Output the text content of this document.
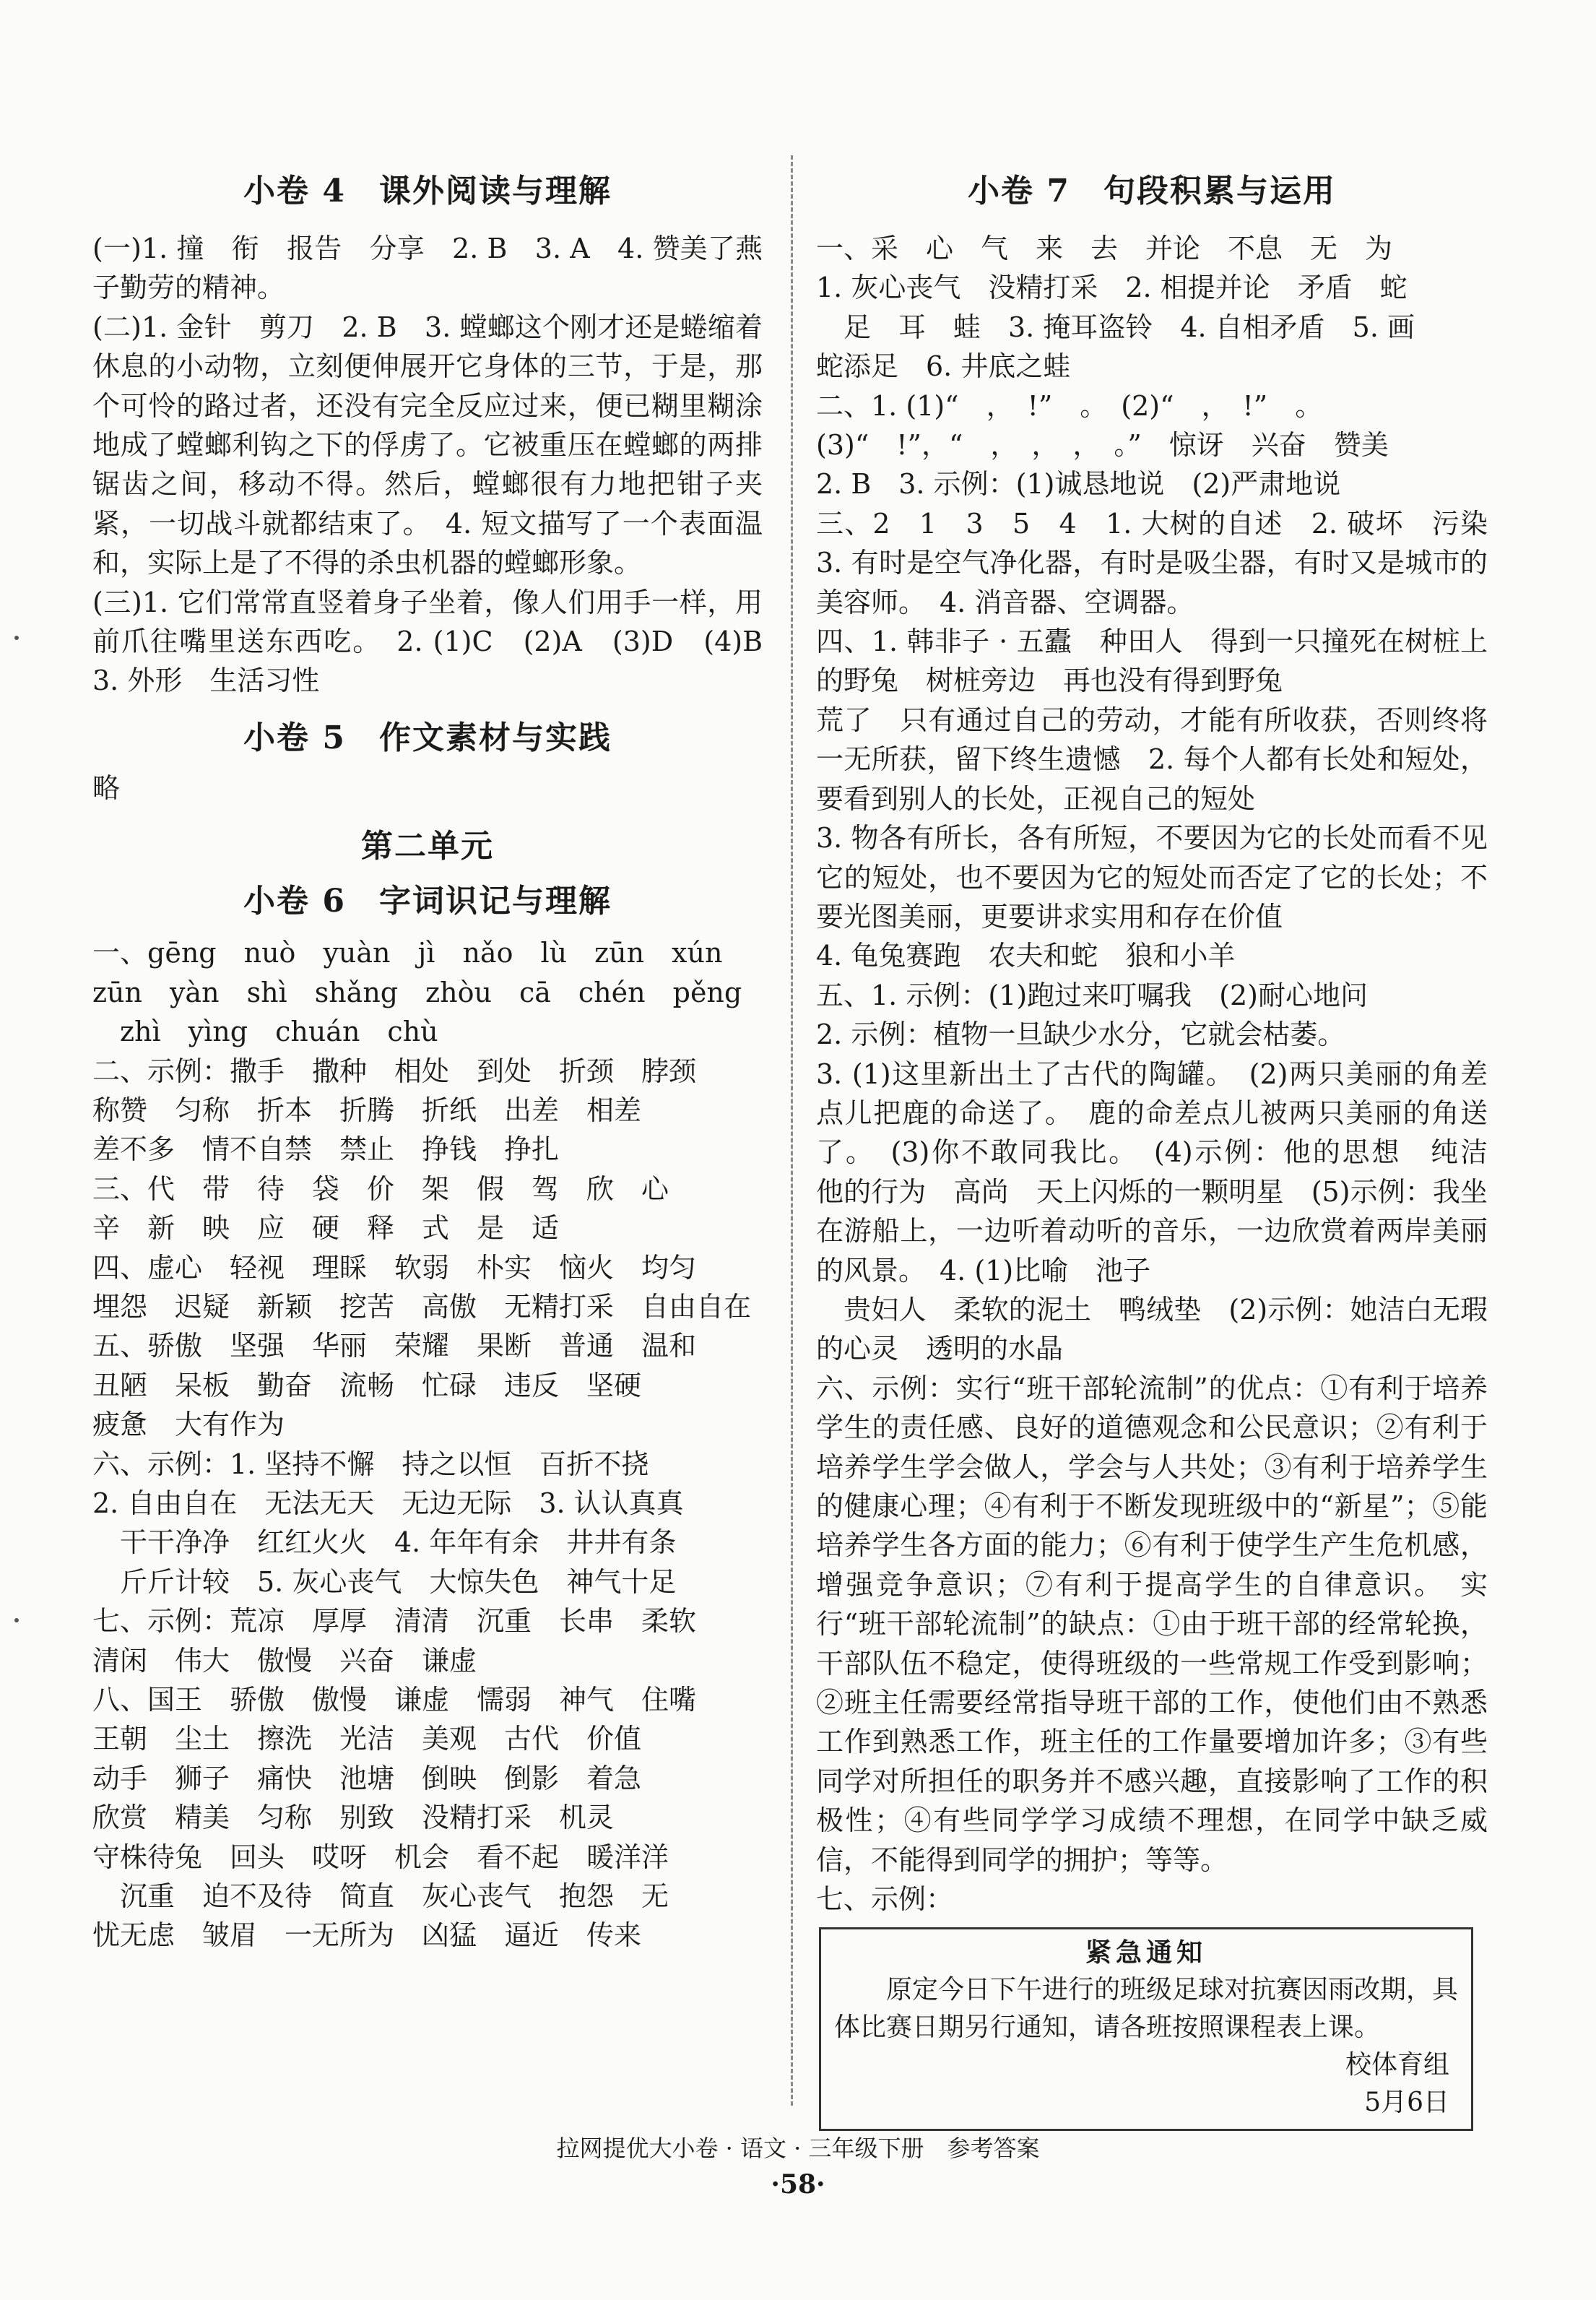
小卷 4　课外阅读与理解
(一)1. 撞　衔　报告　分享　2. B　3. A　4. 赞美了燕子勤劳的精神。
(二)1. 金针　剪刀　2. B　3. 螳螂这个刚才还是蜷缩着休息的小动物，立刻便伸展开它身体的三节，于是，那个可怜的路过者，还没有完全反应过来，便已糊里糊涂地成了螳螂利钩之下的俘虏了。它被重压在螳螂的两排锯齿之间，移动不得。然后，螳螂很有力地把钳子夹紧，一切战斗就都结束了。　4. 短文描写了一个表面温和，实际上是了不得的杀虫机器的螳螂形象。
(三)1. 它们常常直竖着身子坐着，像人们用手一样，用前爪往嘴里送东西吃。　2. (1)C　(2)A　(3)D　(4)B　3. 外形　生活习性
小卷 5　作文素材与实践
略
第二单元
小卷 6　字词识记与理解
一、gēng　nuò　yuàn　jì　nǎo　lù　zūn　xún
zūn　yàn　shì　shǎng　zhòu　cā　chén　pěng
　zhì　yìng　chuán　chù
二、示例：撒手　撒种　相处　到处　折颈　脖颈
称赞　匀称　折本　折腾　折纸　出差　相差
差不多　情不自禁　禁止　挣钱　挣扎
三、代　带　待　袋　价　架　假　驾　欣　心
辛　新　映　应　硬　释　式　是　适
四、虚心　轻视　理睬　软弱　朴实　恼火　均匀
埋怨　迟疑　新颖　挖苦　高傲　无精打采　自由自在
五、骄傲　坚强　华丽　荣耀　果断　普通　温和
丑陋　呆板　勤奋　流畅　忙碌　违反　坚硬
疲惫　大有作为
六、示例：1. 坚持不懈　持之以恒　百折不挠
2. 自由自在　无法无天　无边无际　3. 认认真真
　干干净净　红红火火　4. 年年有余　井井有条
　斤斤计较　5. 灰心丧气　大惊失色　神气十足
七、示例：荒凉　厚厚　清清　沉重　长串　柔软
清闲　伟大　傲慢　兴奋　谦虚
八、国王　骄傲　傲慢　谦虚　懦弱　神气　住嘴
王朝　尘土　擦洗　光洁　美观　古代　价值
动手　狮子　痛快　池塘　倒映　倒影　着急
欣赏　精美　匀称　别致　没精打采　机灵
守株待兔　回头　哎呀　机会　看不起　暖洋洋
　沉重　迫不及待　简直　灰心丧气　抱怨　无
忧无虑　皱眉　一无所为　凶猛　逼近　传来
小卷 7　句段积累与运用
一、采　心　气　来　去　并论　不息　无　为
1. 灰心丧气　没精打采　2. 相提并论　矛盾　蛇
　足　耳　蛙　3. 掩耳盗铃　4. 自相矛盾　5. 画
蛇添足　6. 井底之蛙
二、1. (1)“　，　!”　。　(2)“　，　!”　。
(3)“　!”，“　，　，　，　。”　惊讶　兴奋　赞美
2. B　3. 示例：(1)诚恳地说　(2)严肃地说
三、2　1　3　5　4　1. 大树的自述　2. 破坏　污染　3. 有时是空气净化器，有时是吸尘器，有时又是城市的美容师。　4. 消音器、空调器。
四、1. 韩非子 · 五蠹　种田人　得到一只撞死在树桩上的野兔　树桩旁边　再也没有得到野兔
荒了　只有通过自己的劳动，才能有所收获，否则终将一无所获，留下终生遗憾　2. 每个人都有长处和短处，要看到别人的长处，正视自己的短处
3. 物各有所长，各有所短，不要因为它的长处而看不见它的短处，也不要因为它的短处而否定了它的长处；不要光图美丽，更要讲求实用和存在价值
4. 龟兔赛跑　农夫和蛇　狼和小羊
五、1. 示例：(1)跑过来叮嘱我　(2)耐心地问
2. 示例：植物一旦缺少水分，它就会枯萎。
3. (1)这里新出土了古代的陶罐。　(2)两只美丽的角差点儿把鹿的命送了。　鹿的命差点儿被两只美丽的角送了。　(3)你不敢同我比。　(4)示例：他的思想　纯洁　他的行为　高尚　天上闪烁的一颗明星　(5)示例：我坐在游船上，一边听着动听的音乐，一边欣赏着两岸美丽的风景。　4. (1)比喻　池子
　贵妇人　柔软的泥土　鸭绒垫　(2)示例：她洁白无瑕的心灵　透明的水晶
六、示例：实行“班干部轮流制”的优点：①有利于培养学生的责任感、良好的道德观念和公民意识；②有利于培养学生学会做人，学会与人共处；③有利于培养学生的健康心理；④有利于不断发现班级中的“新星”；⑤能培养学生各方面的能力；⑥有利于使学生产生危机感，增强竞争意识；⑦有利于提高学生的自律意识。　实行“班干部轮流制”的缺点：①由于班干部的经常轮换，干部队伍不稳定，使得班级的一些常规工作受到影响；②班主任需要经常指导班干部的工作，使他们由不熟悉工作到熟悉工作，班主任的工作量要增加许多；③有些同学对所担任的职务并不感兴趣，直接影响了工作的积极性；④有些同学学习成绩不理想，在同学中缺乏威信，不能得到同学的拥护；等等。
七、示例：
紧急通知
原定今日下午进行的班级足球对抗赛因雨改期，具体比赛日期另行通知，请各班按照课程表上课。
校体育组
5月6日
拉网提优大小卷 · 语文 · 三年级下册　参考答案
·58·
